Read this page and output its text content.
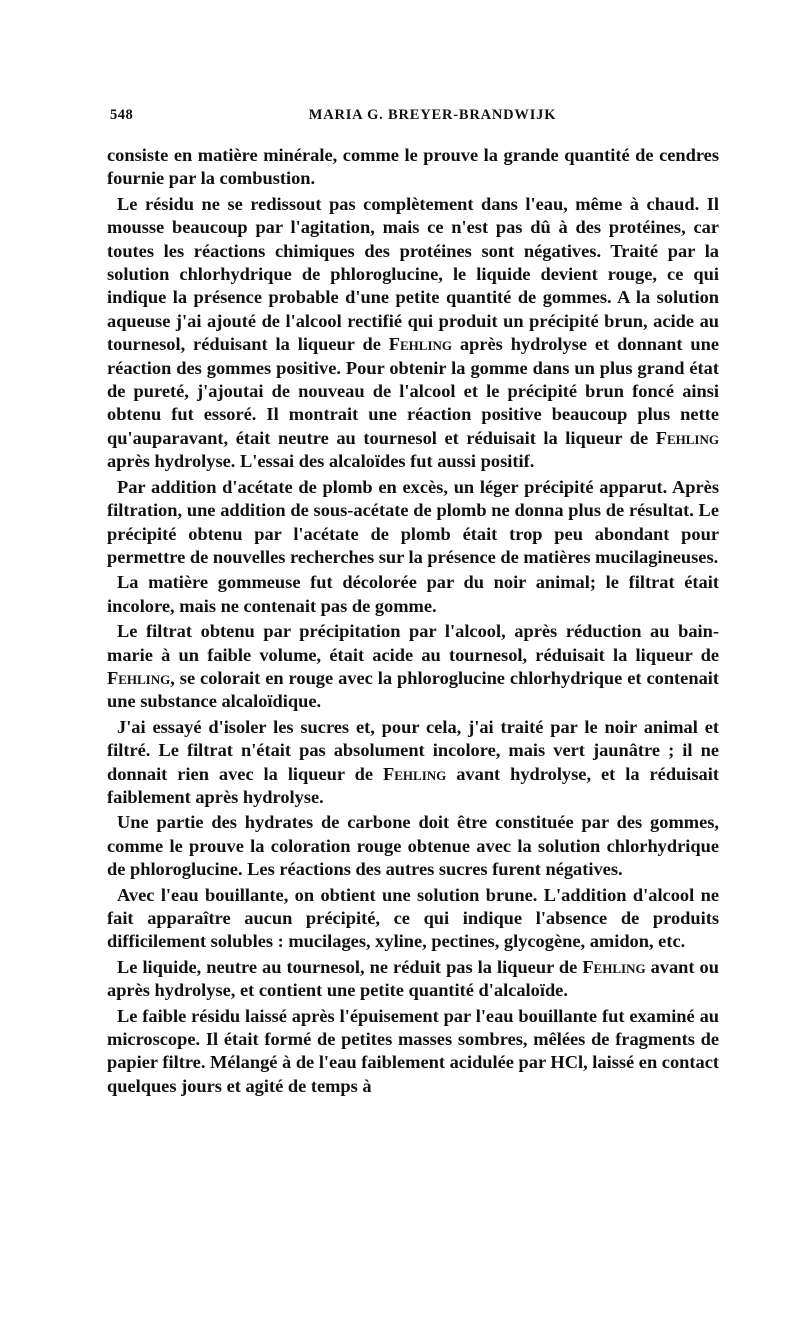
548	MARIA G. BREYER-BRANDWIJK

consiste en matière minérale, comme le prouve la grande quantité de cendres fournie par la combustion.

Le résidu ne se redissout pas complètement dans l'eau, même à chaud. Il mousse beaucoup par l'agitation, mais ce n'est pas dû à des protéines, car toutes les réactions chimiques des protéines sont négatives. Traité par la solution chlorhydrique de phloroglucine, le liquide devient rouge, ce qui indique la présence probable d'une petite quantité de gommes. A la solution aqueuse j'ai ajouté de l'alcool rectifié qui produit un précipité brun, acide au tournesol, réduisant la liqueur de Fehling après hydrolyse et donnant une réaction des gommes positive. Pour obtenir la gomme dans un plus grand état de pureté, j'ajoutai de nouveau de l'alcool et le précipité brun foncé ainsi obtenu fut essoré. Il montrait une réaction positive beaucoup plus nette qu'auparavant, était neutre au tournesol et réduisait la liqueur de Fehling après hydrolyse. L'essai des alcaloïdes fut aussi positif.

Par addition d'acétate de plomb en excès, un léger précipité apparut. Après filtration, une addition de sous-acétate de plomb ne donna plus de résultat. Le précipité obtenu par l'acétate de plomb était trop peu abondant pour permettre de nouvelles recherches sur la présence de matières mucilagineuses.

La matière gommeuse fut décolorée par du noir animal; le filtrat était incolore, mais ne contenait pas de gomme.

Le filtrat obtenu par précipitation par l'alcool, après réduction au bain-marie à un faible volume, était acide au tournesol, réduisait la liqueur de Fehling, se colorait en rouge avec la phloroglucine chlorhydrique et contenait une substance alcaloïdique.

J'ai essayé d'isoler les sucres et, pour cela, j'ai traité par le noir animal et filtré. Le filtrat n'était pas absolument incolore, mais vert jaunâtre ; il ne donnait rien avec la liqueur de Fehling avant hydrolyse, et la réduisait faiblement après hydrolyse.

Une partie des hydrates de carbone doit être constituée par des gommes, comme le prouve la coloration rouge obtenue avec la solution chlorhydrique de phloroglucine. Les réactions des autres sucres furent négatives.

Avec l'eau bouillante, on obtient une solution brune. L'addition d'alcool ne fait apparaître aucun précipité, ce qui indique l'absence de produits difficilement solubles : mucilages, xyline, pectines, glycogène, amidon, etc.

Le liquide, neutre au tournesol, ne réduit pas la liqueur de Fehling avant ou après hydrolyse, et contient une petite quantité d'alcaloïde.

Le faible résidu laissé après l'épuisement par l'eau bouillante fut examiné au microscope. Il était formé de petites masses sombres, mêlées de fragments de papier filtre. Mélangé à de l'eau faiblement acidulée par HCl, laissé en contact quelques jours et agité de temps à
